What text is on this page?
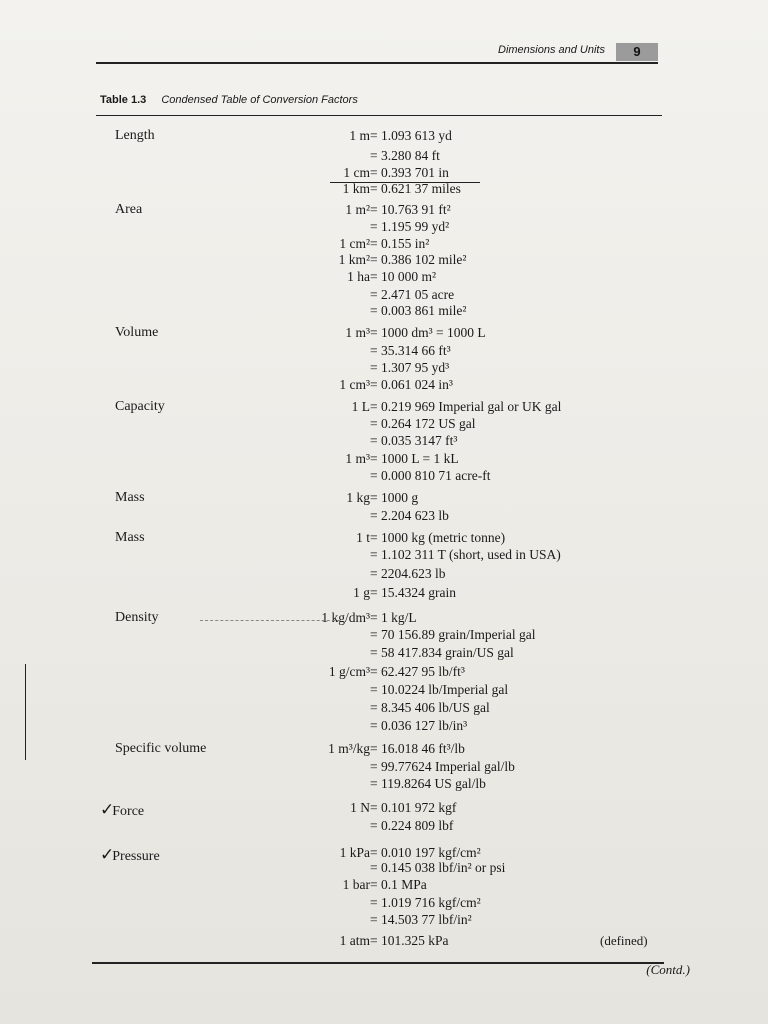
Dimensions and Units	9
Table 1.3 Condensed Table of Conversion Factors
Length	1 m = 1.093 613 yd
= 3.280 84 ft
1 cm = 0.393 701 in
1 km = 0.621 37 miles
Area	1 m² = 10.763 91 ft²
= 1.195 99 yd²
1 cm² = 0.155 in²
1 km² = 0.386 102 mile²
1 ha = 10 000 m²
= 2.471 05 acre
= 0.003 861 mile²
Volume	1 m³ = 1000 dm³ = 1000 L
= 35.314 66 ft³
= 1.307 95 yd³
1 cm³ = 0.061 024 in³
Capacity	1 L = 0.219 969 Imperial gal or UK gal
= 0.264 172 US gal
= 0.035 3147 ft³
1 m³ = 1000 L = 1 kL
= 0.000 810 71 acre-ft
Mass	1 kg = 1000 g
= 2.204 623 lb
Mass	1 t = 1000 kg (metric tonne)
= 1.102 311 T (short, used in USA)
= 2204.623 lb
1 g = 15.4324 grain
Density	1 kg/dm³ = 1 kg/L
= 70 156.89 grain/Imperial gal
= 58 417.834 grain/US gal
1 g/cm³ = 62.427 95 lb/ft³
= 10.0224 lb/Imperial gal
= 8.345 406 lb/US gal
= 0.036 127 lb/in³
Specific volume	1 m³/kg = 16.018 46 ft³/lb
= 99.77624 Imperial gal/lb
= 119.8264 US gal/lb
✓Force	1 N = 0.101 972 kgf
= 0.224 809 lbf
✓Pressure	1 kPa = 0.010 197 kgf/cm²
= 0.145 038 lbf/in² or psi
1 bar = 0.1 MPa
= 1.019 716 kgf/cm²
= 14.503 77 lbf/in²
1 atm = 101.325 kPa	(defined)
(Contd.)
